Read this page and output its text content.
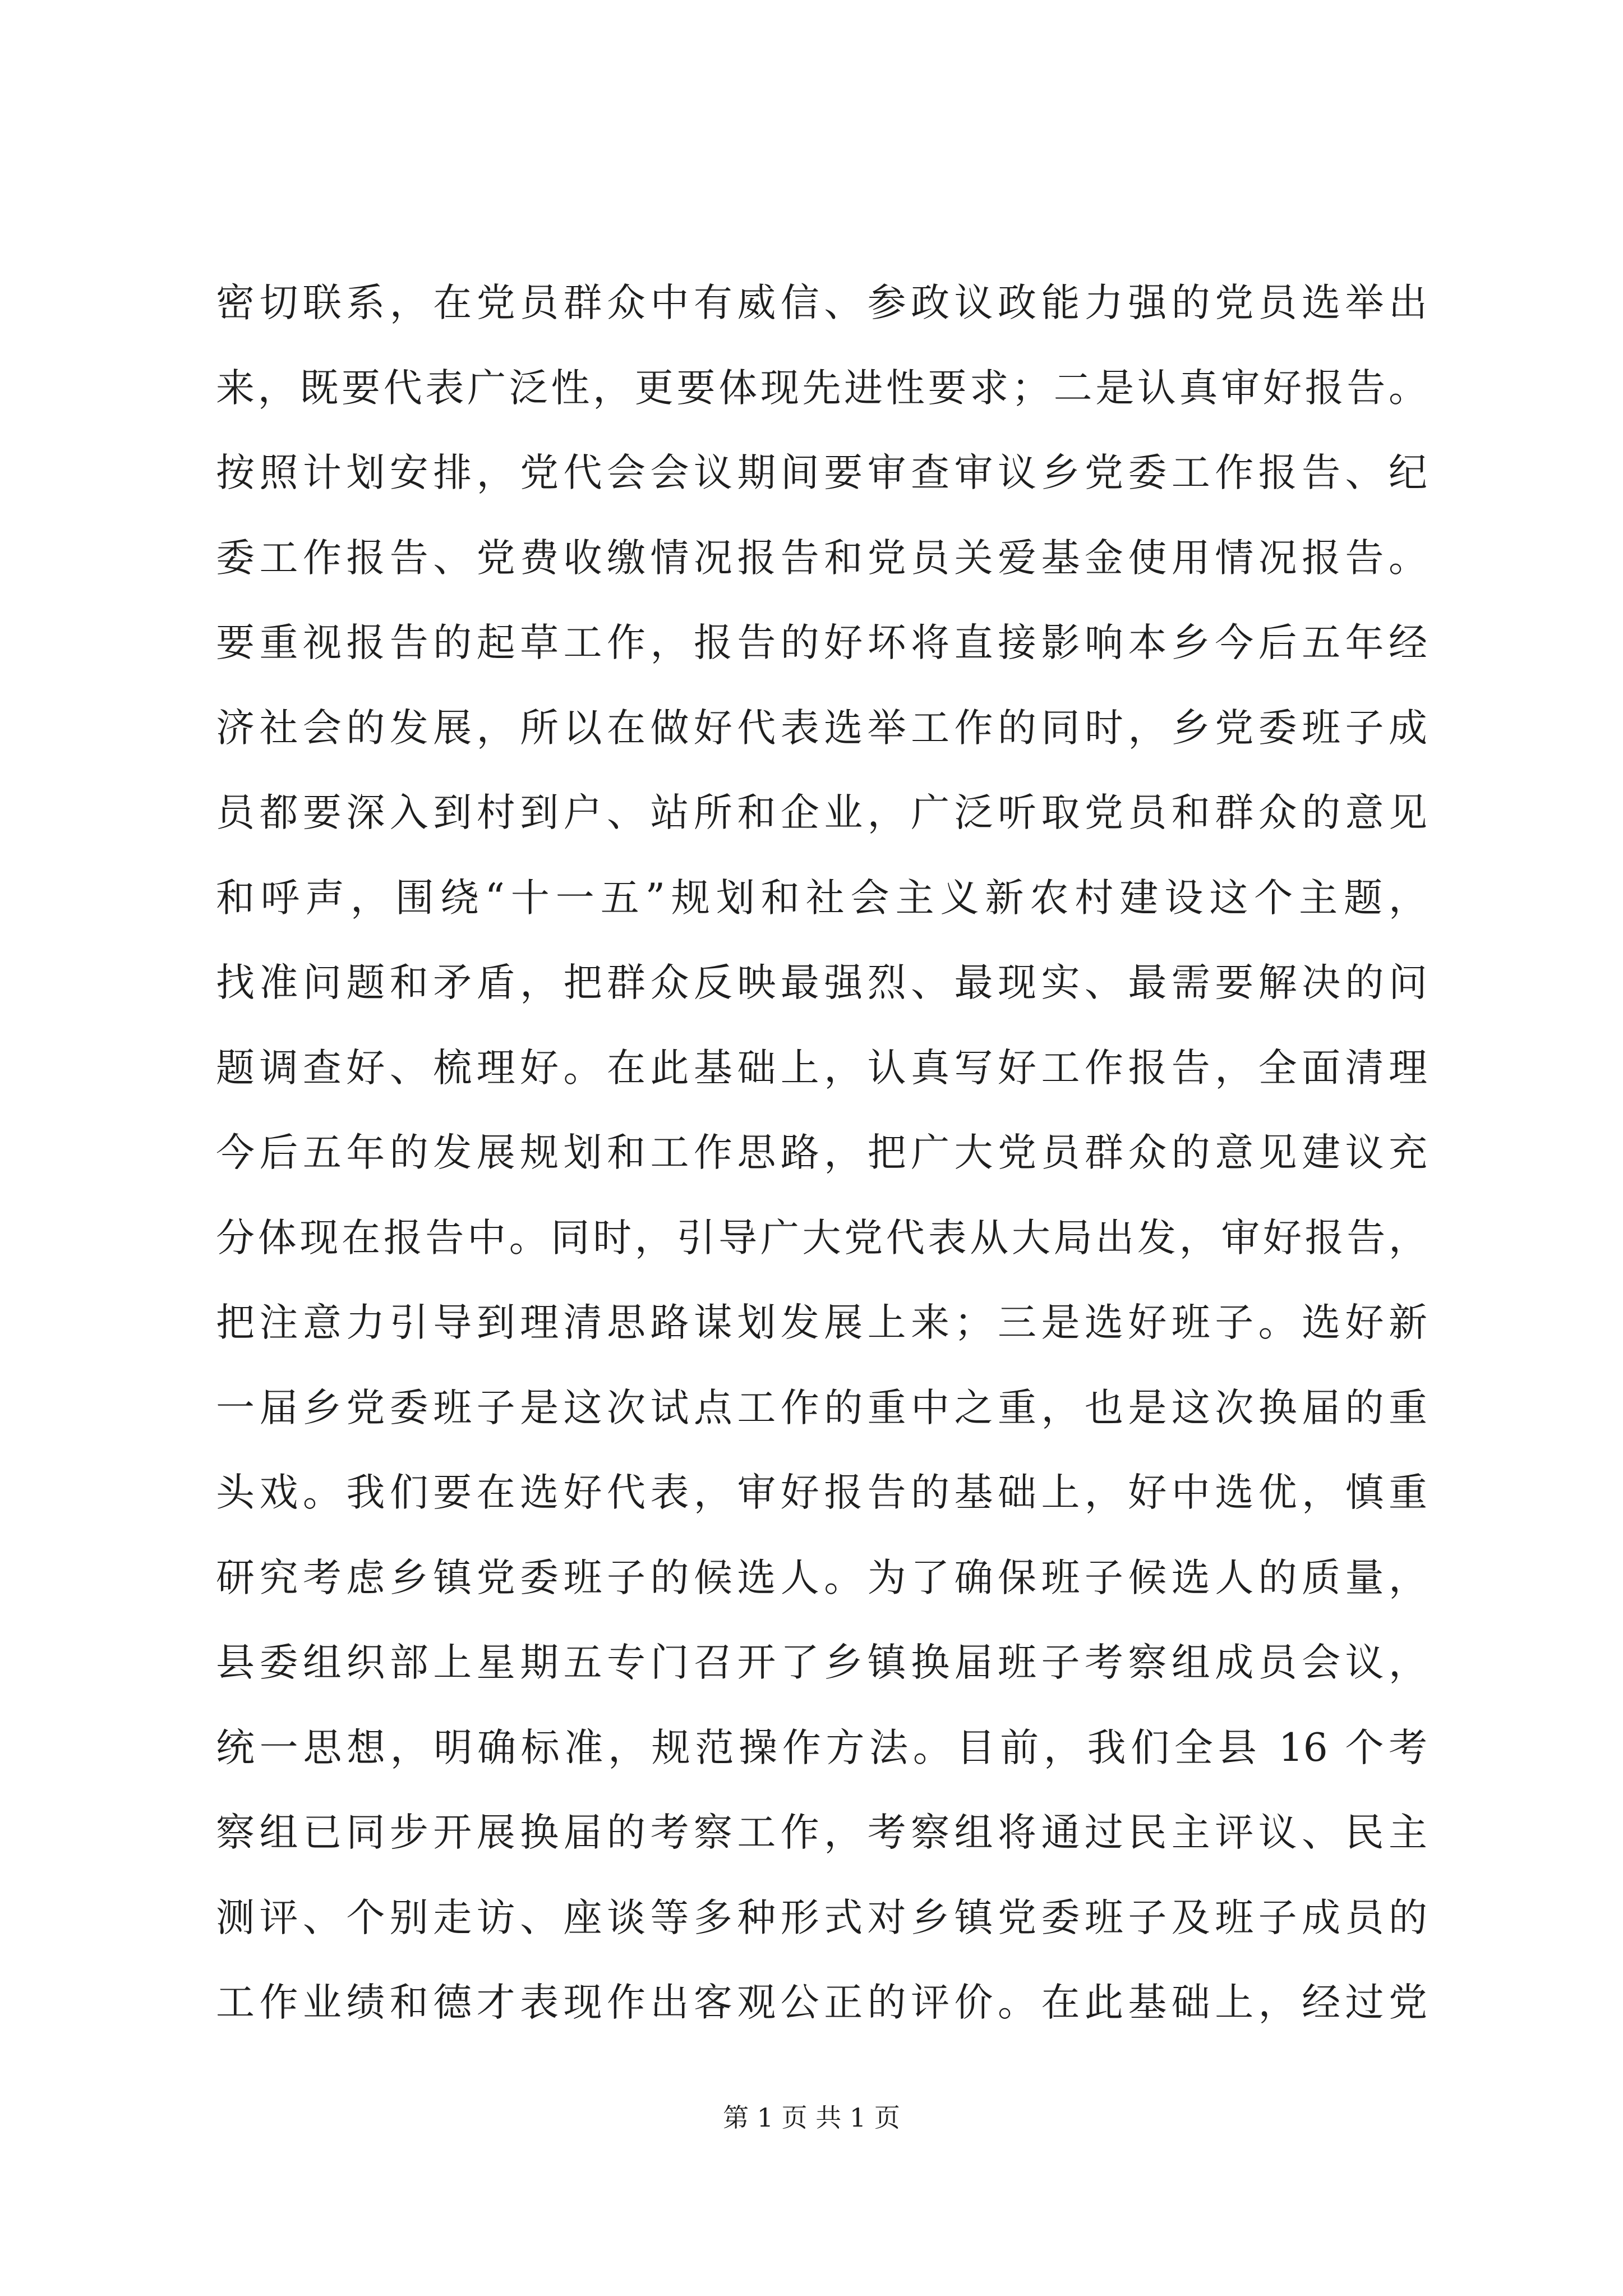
密切联系，在党员群众中有威信、参政议政能力强的党员选举出
来，既要代表广泛性，更要体现先进性要求；二是认真审好报告。
按照计划安排，党代会会议期间要审查审议乡党委工作报告、纪
委工作报告、党费收缴情况报告和党员关爱基金使用情况报告。
要重视报告的起草工作，报告的好坏将直接影响本乡今后五年经
济社会的发展，所以在做好代表选举工作的同时，乡党委班子成
员都要深入到村到户、站所和企业，广泛听取党员和群众的意见
和呼声，围绕“十一五”规划和社会主义新农村建设这个主题，
找准问题和矛盾，把群众反映最强烈、最现实、最需要解决的问
题调查好、梳理好。在此基础上，认真写好工作报告，全面清理
今后五年的发展规划和工作思路，把广大党员群众的意见建议充
分体现在报告中。同时，引导广大党代表从大局出发，审好报告，
把注意力引导到理清思路谋划发展上来；三是选好班子。选好新
一届乡党委班子是这次试点工作的重中之重，也是这次换届的重
头戏。我们要在选好代表，审好报告的基础上，好中选优，慎重
研究考虑乡镇党委班子的候选人。为了确保班子候选人的质量，
县委组织部上星期五专门召开了乡镇换届班子考察组成员会议，
统一思想，明确标准，规范操作方法。目前，我们全县 16 个考
察组已同步开展换届的考察工作，考察组将通过民主评议、民主
测评、个别走访、座谈等多种形式对乡镇党委班子及班子成员的
工作业绩和德才表现作出客观公正的评价。在此基础上，经过党
第 1 页 共 1 页
